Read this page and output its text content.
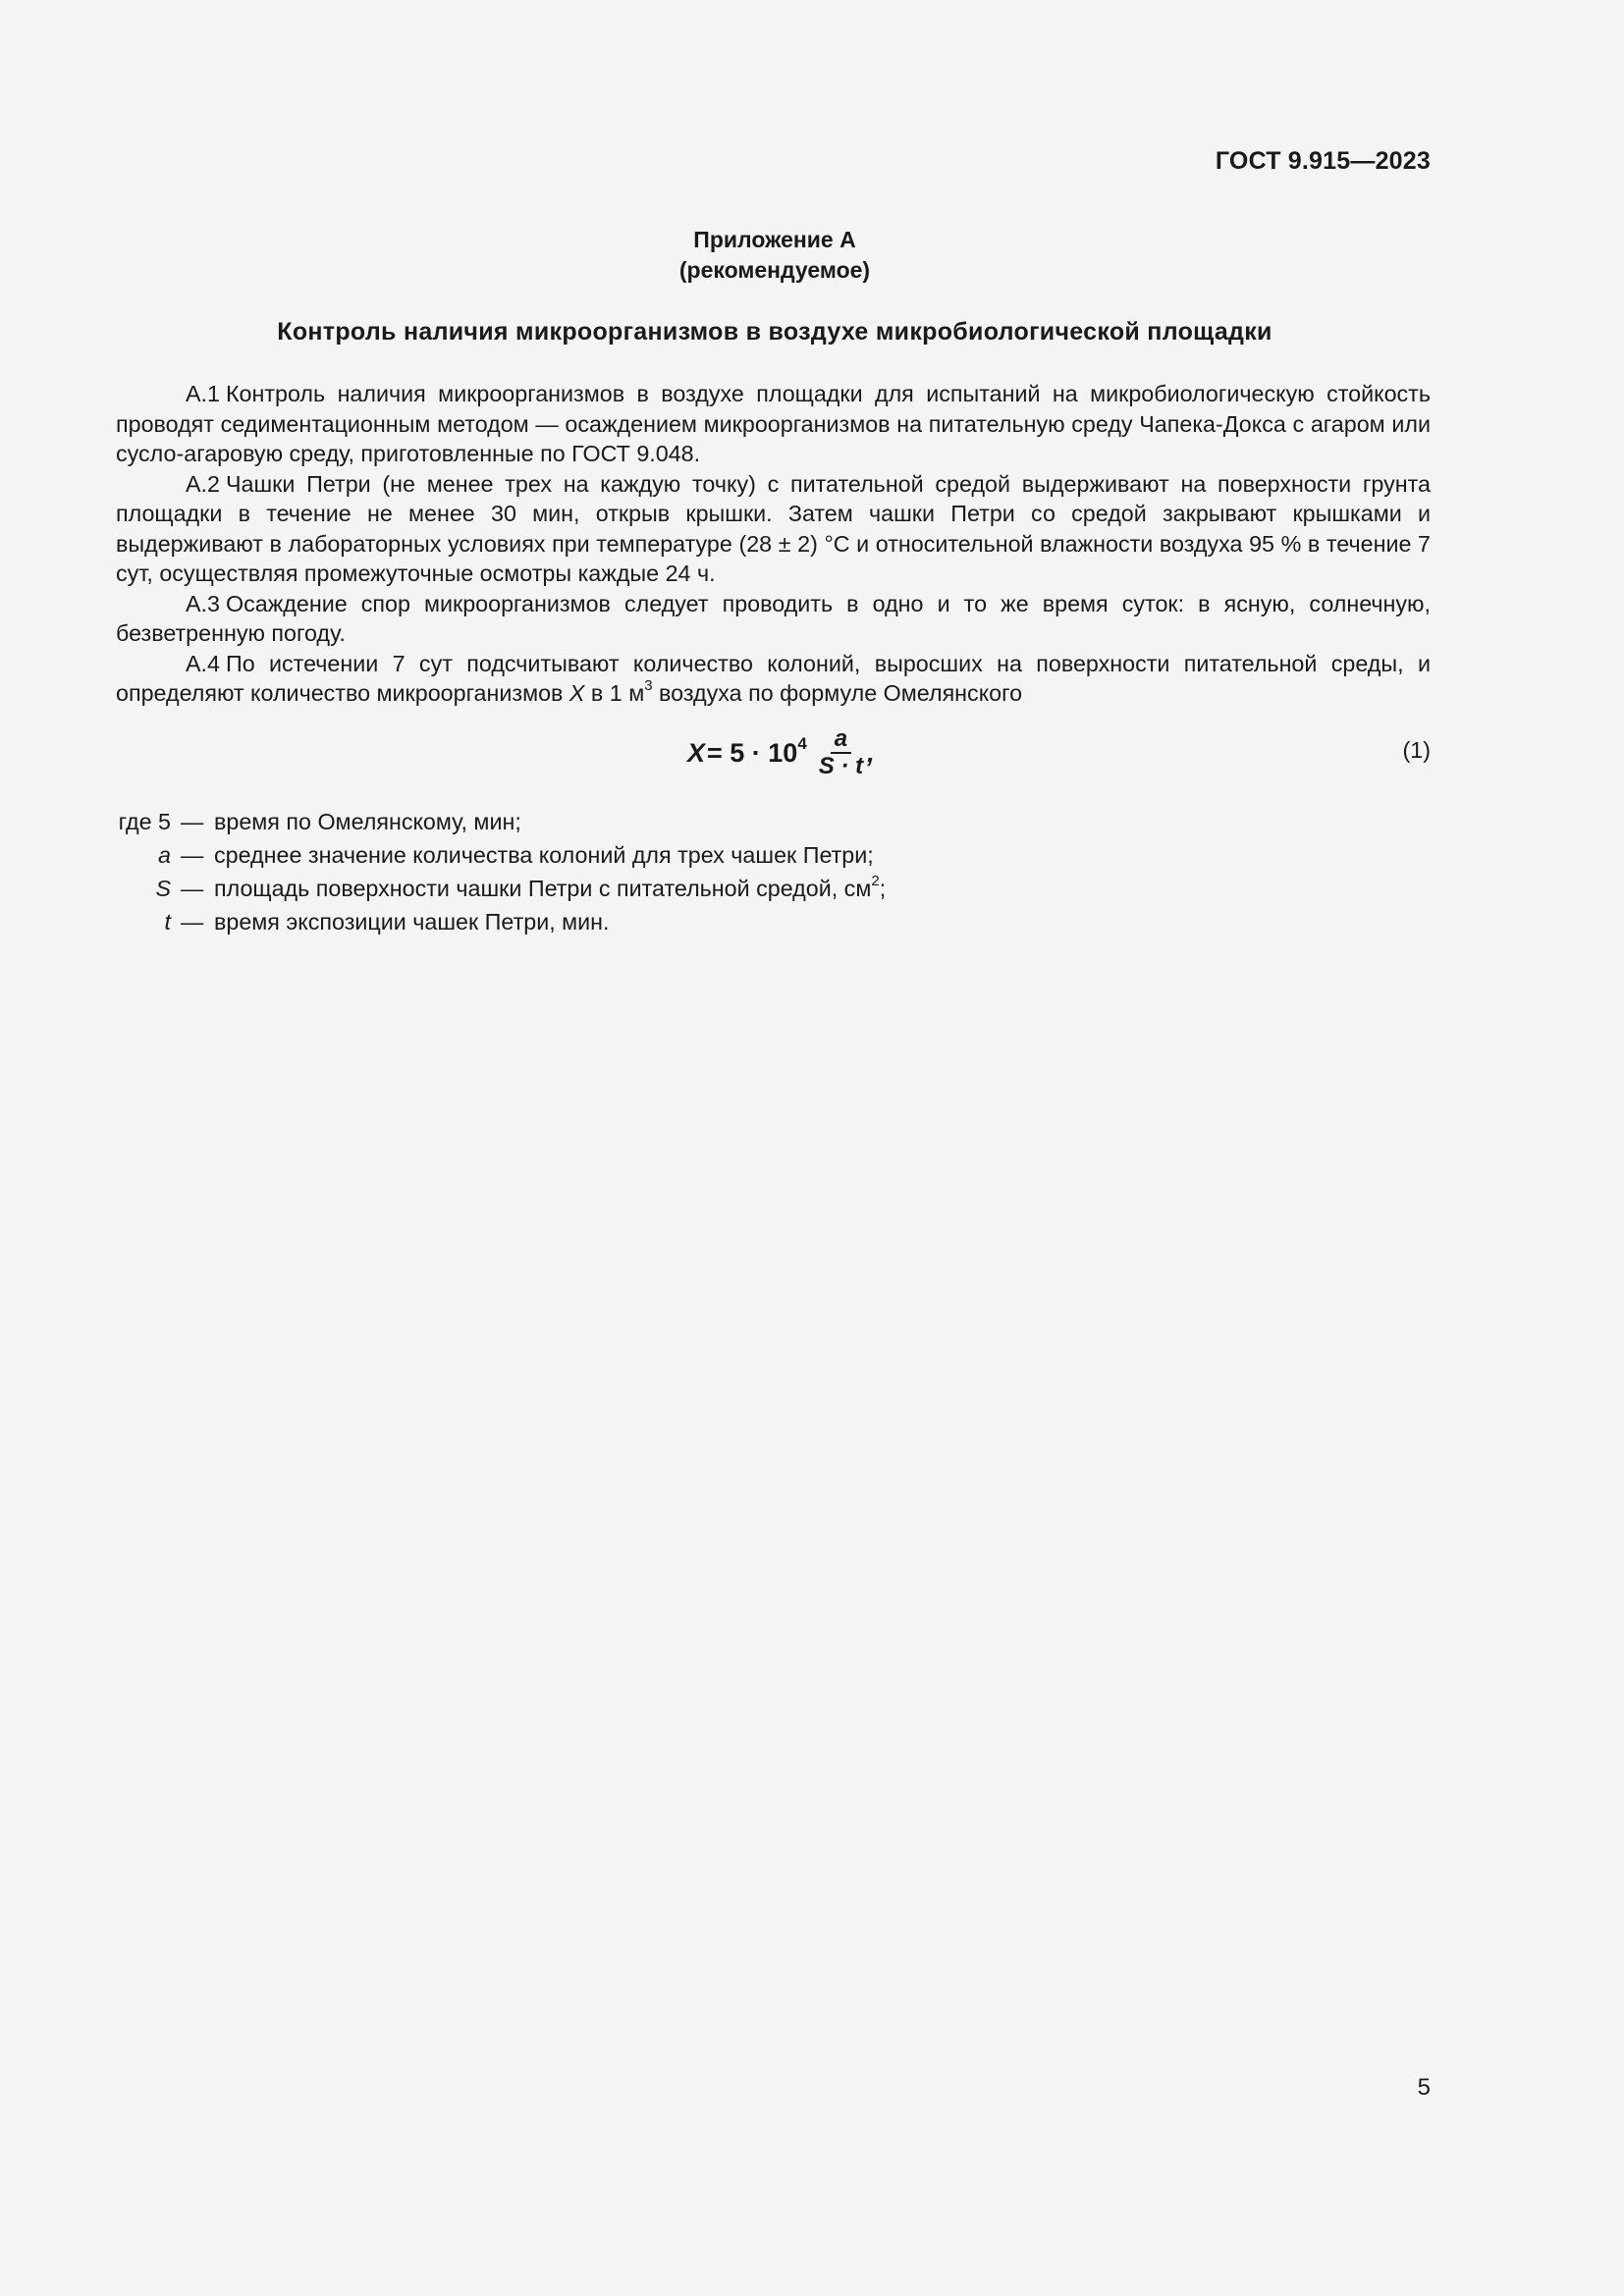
ГОСТ 9.915—2023
Приложение А
(рекомендуемое)
Контроль наличия микроорганизмов в воздухе микробиологической площадки

А.1 Контроль наличия микроорганизмов в воздухе площадки для испытаний на микробиологическую стойкость проводят седиментационным методом — осаждением микроорганизмов на питательную среду Чапека-Докса с агаром или сусло-агаровую среду, приготовленные по ГОСТ 9.048.

А.2 Чашки Петри (не менее трех на каждую точку) с питательной средой выдерживают на поверхности грунта площадки в течение не менее 30 мин, открыв крышки. Затем чашки Петри со средой закрывают крышками и выдерживают в лабораторных условиях при температуре (28 ± 2) °С и относительной влажности воздуха 95 % в течение 7 сут, осуществляя промежуточные осмотры каждые 24 ч.

А.3 Осаждение спор микроорганизмов следует проводить в одно и то же время суток: в ясную, солнечную, безветренную погоду.

А.4 По истечении 7 сут подсчитывают количество колоний, выросших на поверхности питательной среды, и определяют количество микроорганизмов X в 1 $м^3$ воздуха по формуле Омелянского

$X = 5 \cdot 10^4 \frac{a}{S \cdot t}$ ,	(1)
где 5 — время по Омелянскому, мин;
a — среднее значение количества колоний для трех чашек Петри;
S — площадь поверхности чашки Петри с питательной средой, $см^2$;
t — время экспозиции чашек Петри, мин.
5
